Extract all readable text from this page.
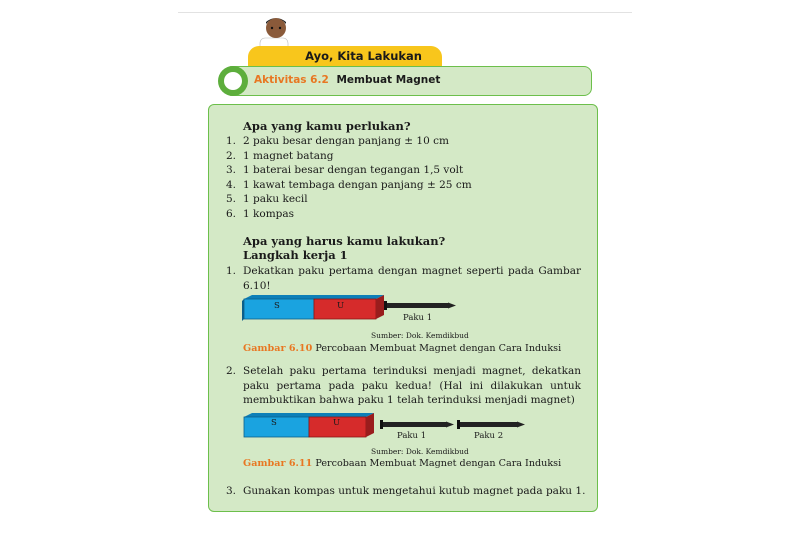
Ayo, Kita Lakukan
Aktivitas 6.2 Membuat Magnet
Apa yang kamu perlukan?
1. 2 paku besar dengan panjang ± 10 cm
2. 1 magnet batang
3. 1 baterai besar dengan tegangan 1,5 volt
4. 1 kawat tembaga dengan panjang ± 25 cm
5. 1 paku kecil
6. 1 kompas
Apa yang harus kamu lakukan?
Langkah kerja 1
1. Dekatkan paku pertama dengan magnet seperti pada Gambar 6.10!
S	U
Paku 1
Sumber: Dok. Kemdikbud
Gambar 6.10 Percobaan Membuat Magnet dengan Cara Induksi
2. Setelah paku pertama terinduksi menjadi magnet, dekatkan paku pertama pada paku kedua! (Hal ini dilakukan untuk membuktikan bahwa paku 1 telah terinduksi menjadi magnet)
S	U
Paku 1	Paku 2
Sumber: Dok. Kemdikbud
Gambar 6.11 Percobaan Membuat Magnet dengan Cara Induksi
3. Gunakan kompas untuk mengetahui kutub magnet pada paku 1.
